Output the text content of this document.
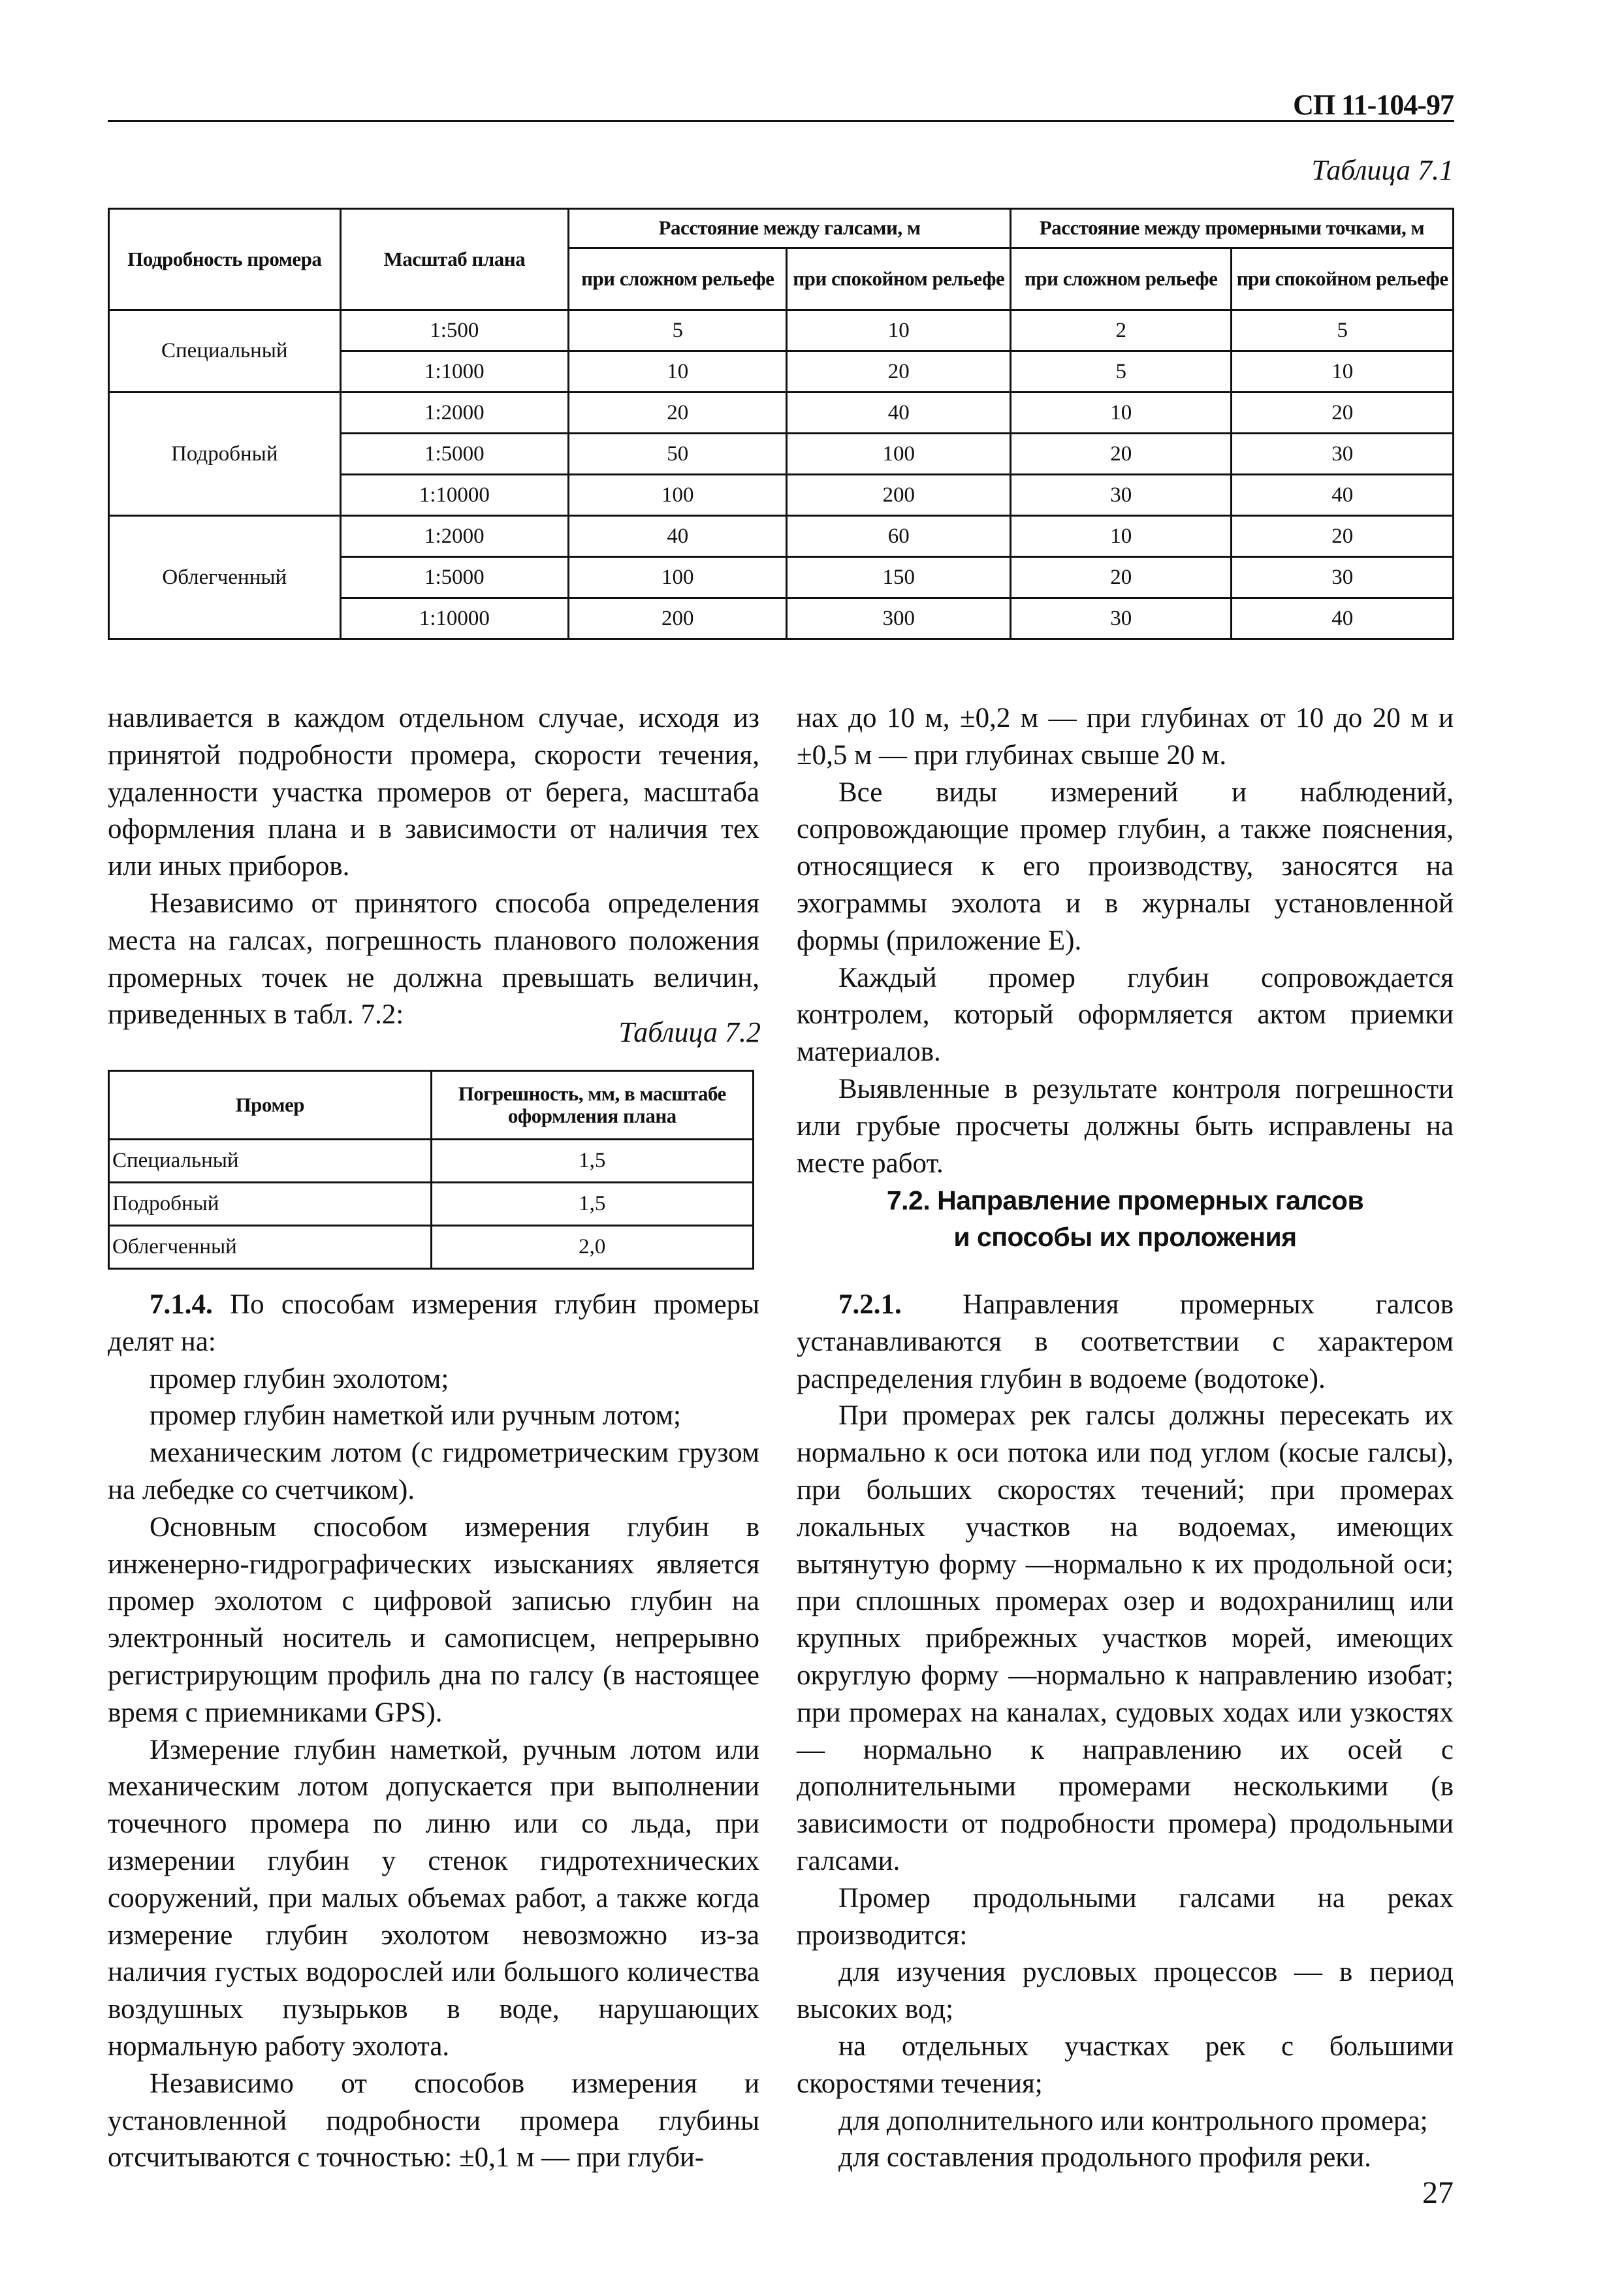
СП 11-104-97
Таблица 7.1
Подробность промера	Масштаб плана	Расстояние между галсами, м		Расстояние между промерными точками, м	
		при сложном рельефе	при спокойном рельефе	при сложном рельефе	при спокойном рельефе
Специальный	1:500	5	10	2	5
	1:1000	10	20	5	10
Подробный	1:2000	20	40	10	20
	1:5000	50	100	20	30
	1:10000	100	200	30	40
Облегченный	1:2000	40	60	10	20
	1:5000	100	150	20	30
	1:10000	200	300	30	40

навливается в каждом отдельном случае, исходя из принятой подробности промера, скорости течения, удаленности участка промеров от берега, масштаба оформления плана и в зависимости от наличия тех или иных приборов.

Независимо от принятого способа определения места на галсах, погрешность планового положения промерных точек не должна превышать величин, приведенных в табл. 7.2:

Таблица 7.2
Промер	Погрешность, мм, в масштабе оформления плана
Специальный	1,5
Подробный	1,5
Облегченный	2,0

7.1.4. По способам измерения глубин промеры делят на:

промер глубин эхолотом;

промер глубин наметкой или ручным лотом;

механическим лотом (с гидрометрическим грузом на лебедке со счетчиком).

Основным способом измерения глубин в инженерно-гидрографических изысканиях является промер эхолотом с цифровой записью глубин на электронный носитель и самописцем, непрерывно регистрирующим профиль дна по галсу (в настоящее время с приемниками GPS).

Измерение глубин наметкой, ручным лотом или механическим лотом допускается при выполнении точечного промера по линю или со льда, при измерении глубин у стенок гидротехнических сооружений, при малых объемах работ, а также когда измерение глубин эхолотом невозможно из-за наличия густых водорослей или большого количества воздушных пузырьков в воде, нарушающих нормальную работу эхолота.

Независимо от способов измерения и установленной подробности промера глубины отсчитываются с точностью: ±0,1 м — при глуби-

нах до 10 м, ±0,2 м — при глубинах от 10 до 20 м и ±0,5 м — при глубинах свыше 20 м.

Все виды измерений и наблюдений, сопровождающие промер глубин, а также пояснения, относящиеся к его производству, заносятся на эхограммы эхолота и в журналы установленной формы (приложение Е).

Каждый промер глубин сопровождается контролем, который оформляется актом приемки материалов.

Выявленные в результате контроля погрешности или грубые просчеты должны быть исправлены на месте работ.

7.2. Направление промерных галсов
и способы их проложения

7.2.1. Направления промерных галсов устанавливаются в соответствии с характером распределения глубин в водоеме (водотоке).

При промерах рек галсы должны пересекать их нормально к оси потока или под углом (косые галсы), при больших скоростях течений; при промерах локальных участков на водоемах, имеющих вытянутую форму —нормально к их продольной оси; при сплошных промерах озер и водохранилищ или крупных прибрежных участков морей, имеющих округлую форму —нормально к направлению изобат; при промерах на каналах, судовых ходах или узкостях — нормально к направлению их осей с дополнительными промерами несколькими (в зависимости от подробности промера) продольными галсами.

Промер продольными галсами на реках производится:

для изучения русловых процессов — в период высоких вод;

на отдельных участках рек с большими скоростями течения;

для дополнительного или контрольного промера;

для составления продольного профиля реки.

27
